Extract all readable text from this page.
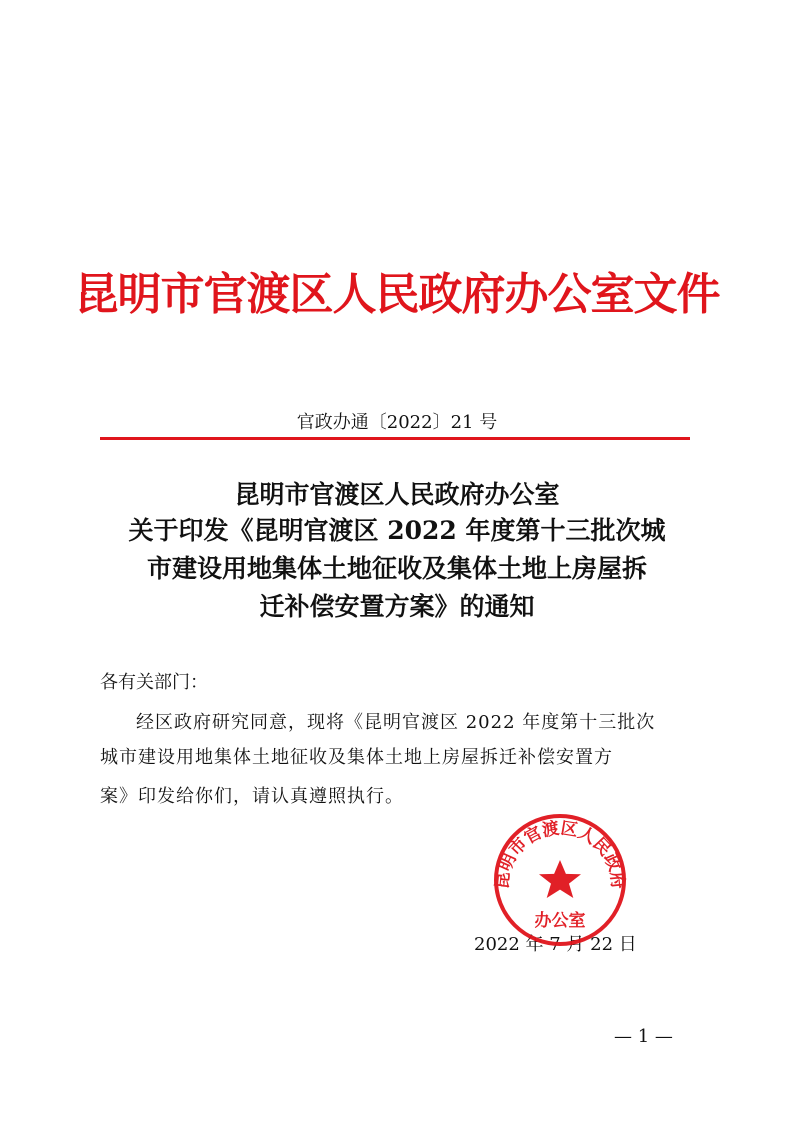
昆明市官渡区人民政府办公室文件
官政办通〔2022〕21 号
昆明市官渡区人民政府办公室
关于印发《昆明官渡区 2022 年度第十三批次城
市建设用地集体土地征收及集体土地上房屋拆
迁补偿安置方案》的通知
各有关部门：
经区政府研究同意，现将《昆明官渡区 2022 年度第十三批次
城市建设用地集体土地征收及集体土地上房屋拆迁补偿安置方
案》印发给你们，请认真遵照执行。
2022 年 7 月 22 日
昆明市官渡区人民政府
办公室
— 1 —
